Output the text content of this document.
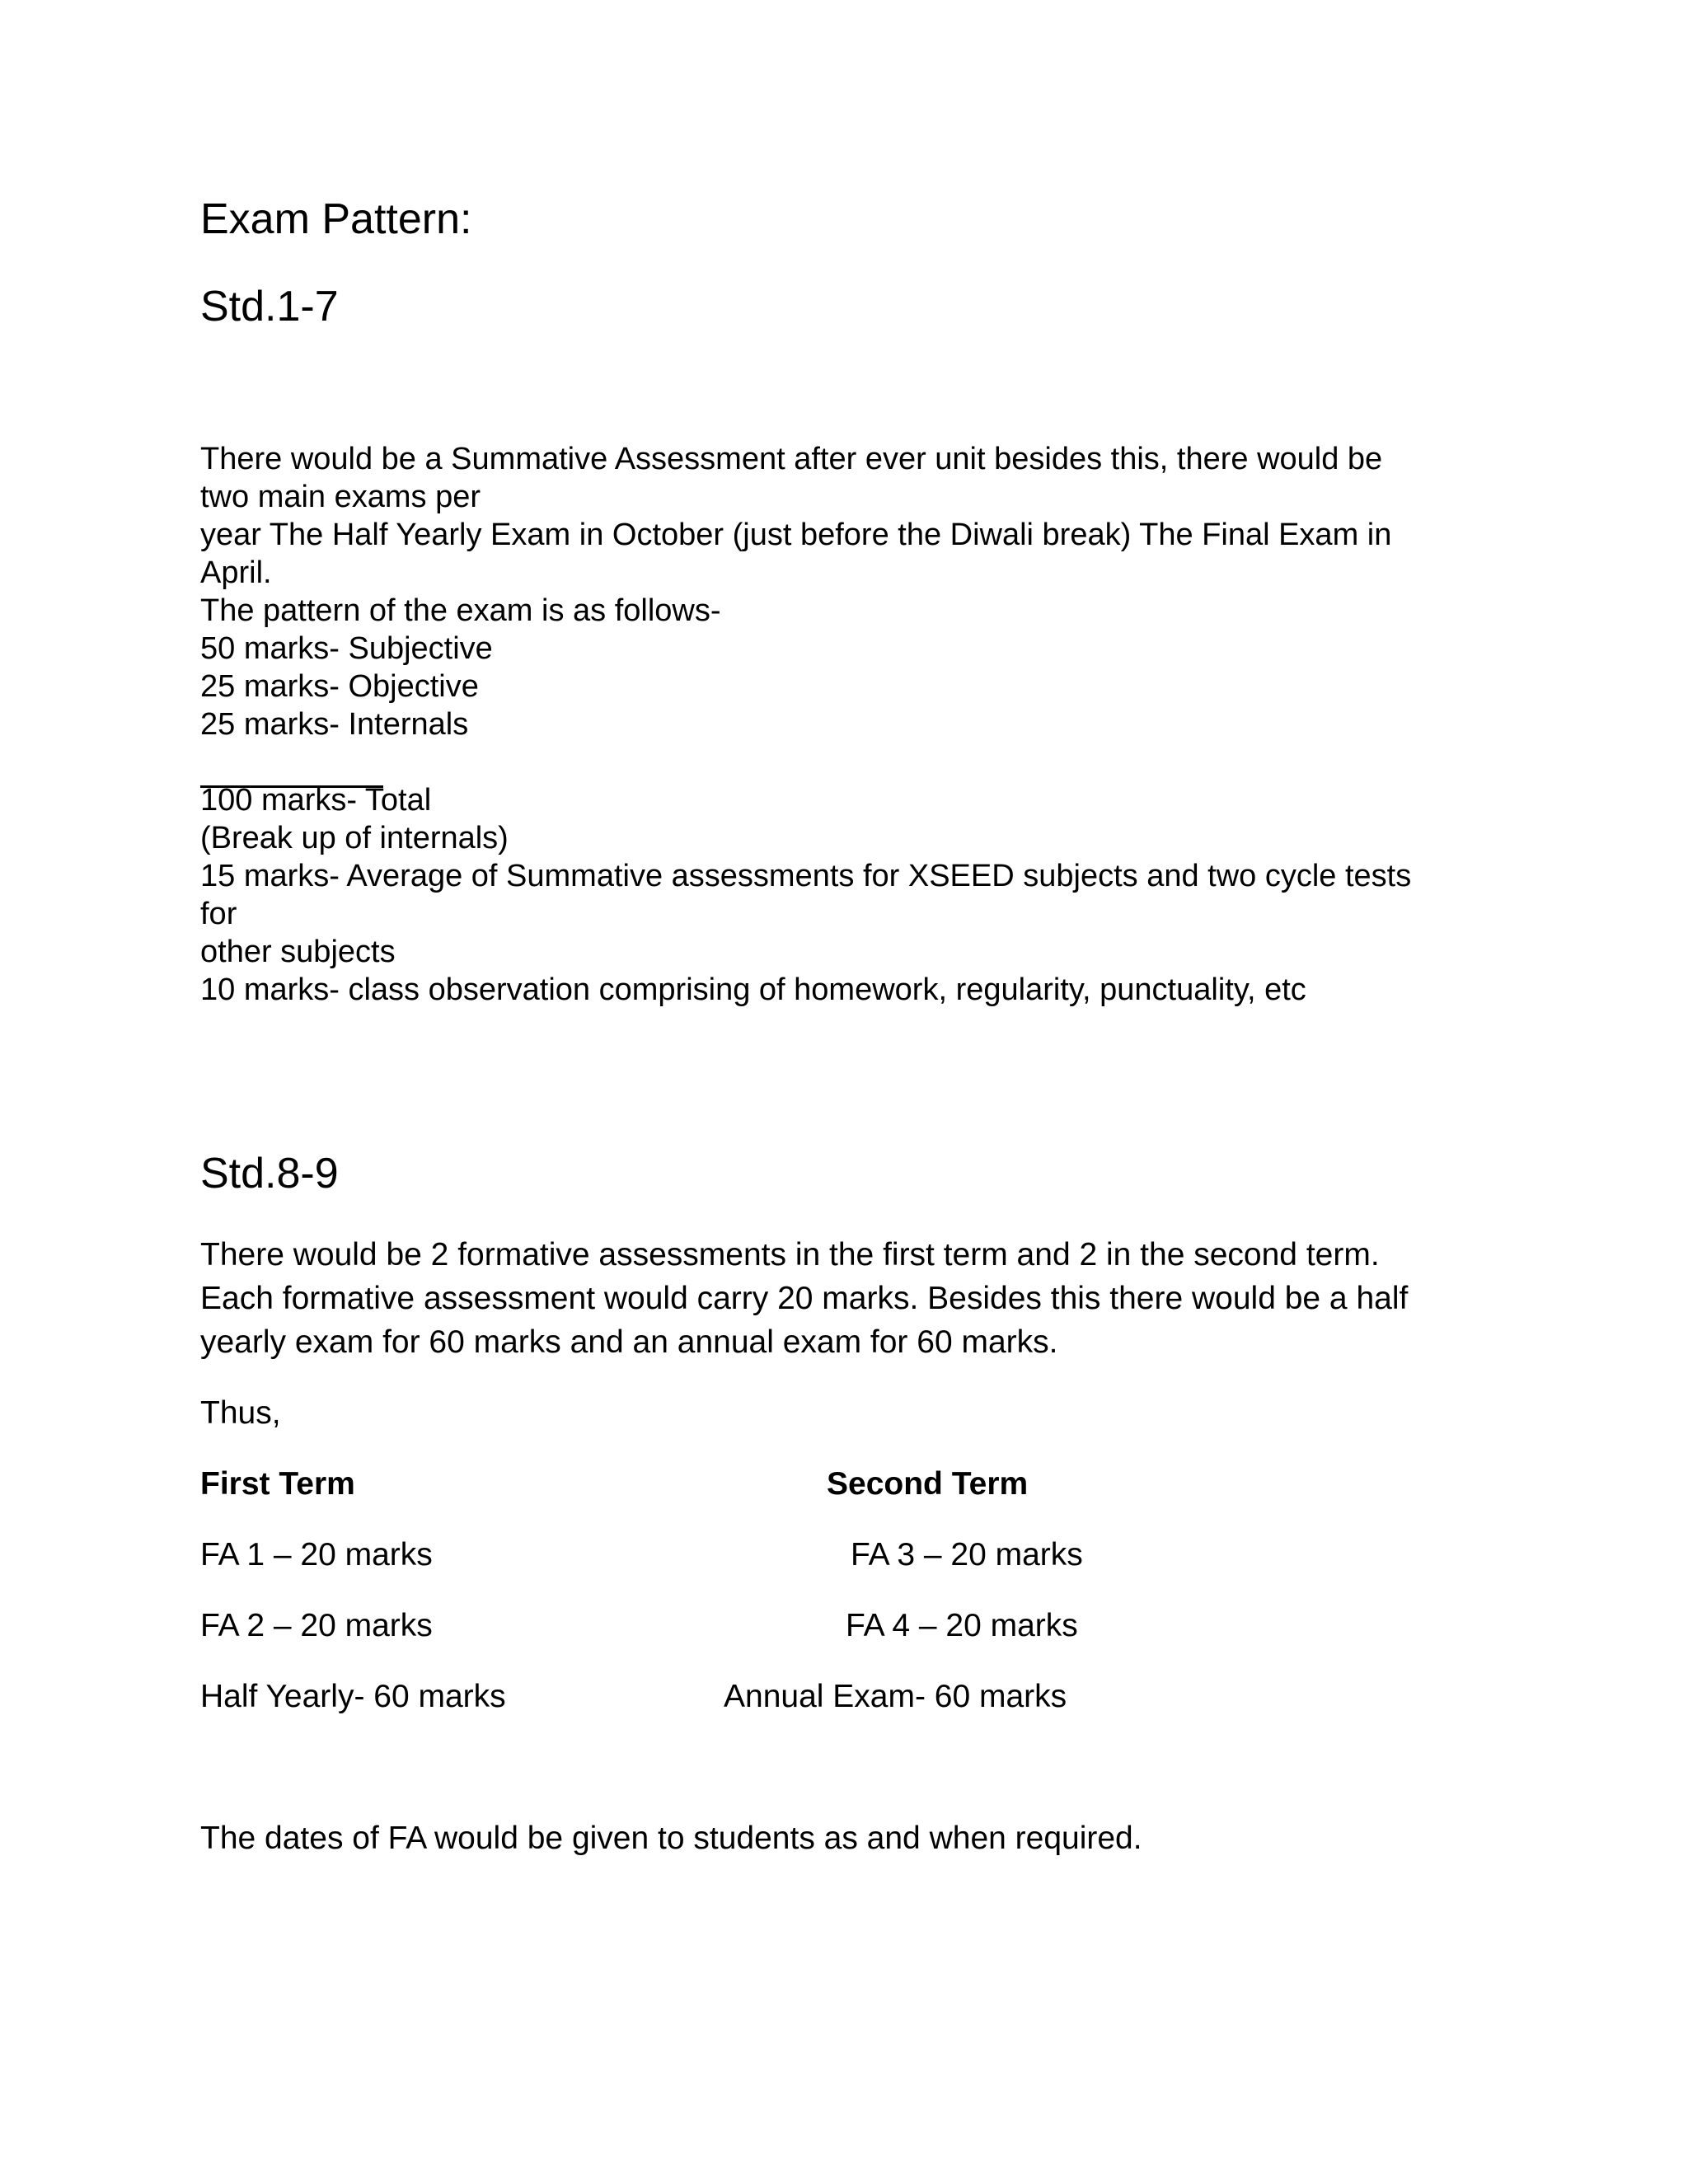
Exam Pattern:
Std.1-7
There would be a Summative Assessment after ever unit besides this, there would be
two main exams per
year The Half Yearly Exam in October (just before the Diwali break) The Final Exam in
April.
The pattern of the exam is as follows-
50 marks- Subjective
25 marks- Objective
25 marks- Internals
100 marks- Total
(Break up of internals)
15 marks- Average of Summative assessments for XSEED subjects and two cycle tests
for
other subjects
10 marks- class observation comprising of homework, regularity, punctuality, etc
Std.8-9
There would be 2 formative assessments in the first term and 2 in the second term.
Each formative assessment would carry 20 marks. Besides this there would be a half
yearly exam for 60 marks and an annual exam for 60 marks.
Thus,
First Term	Second Term
FA 1 – 20 marks	FA 3 – 20 marks
FA 2 – 20 marks	FA 4 – 20 marks
Half Yearly- 60 marks	Annual Exam- 60 marks
The dates of FA would be given to students as and when required.
